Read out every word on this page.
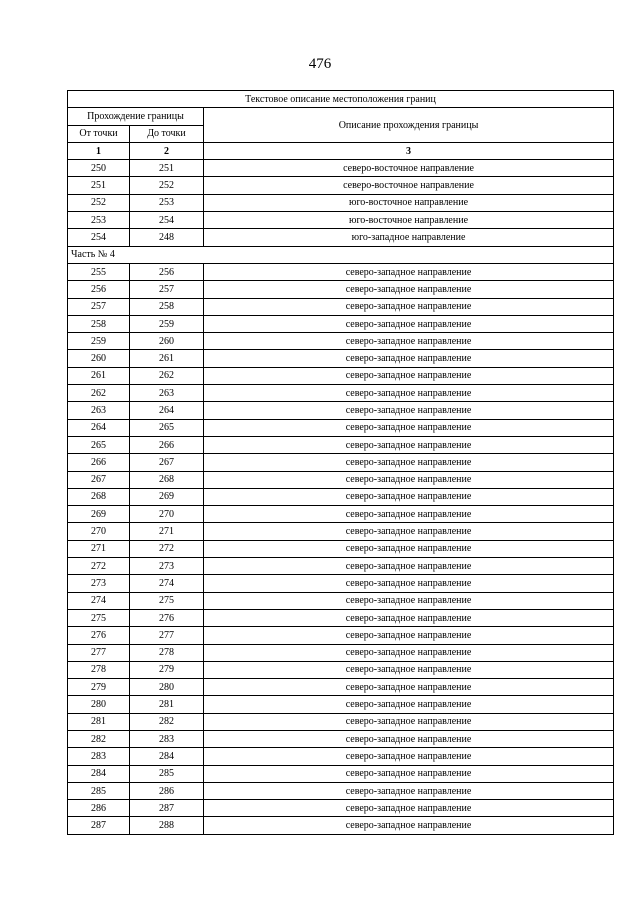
476
Текстовое описание местоположения границ		
Прохождение границы		Описание прохождения границы
От точки	До точки	
1	2	3
250	251	северо-восточное направление
251	252	северо-восточное направление
252	253	юго-восточное направление
253	254	юго-восточное направление
254	248	юго-западное направление
Часть № 4		
255	256	северо-западное направление
256	257	северо-западное направление
257	258	северо-западное направление
258	259	северо-западное направление
259	260	северо-западное направление
260	261	северо-западное направление
261	262	северо-западное направление
262	263	северо-западное направление
263	264	северо-западное направление
264	265	северо-западное направление
265	266	северо-западное направление
266	267	северо-западное направление
267	268	северо-западное направление
268	269	северо-западное направление
269	270	северо-западное направление
270	271	северо-западное направление
271	272	северо-западное направление
272	273	северо-западное направление
273	274	северо-западное направление
274	275	северо-западное направление
275	276	северо-западное направление
276	277	северо-западное направление
277	278	северо-западное направление
278	279	северо-западное направление
279	280	северо-западное направление
280	281	северо-западное направление
281	282	северо-западное направление
282	283	северо-западное направление
283	284	северо-западное направление
284	285	северо-западное направление
285	286	северо-западное направление
286	287	северо-западное направление
287	288	северо-западное направление
